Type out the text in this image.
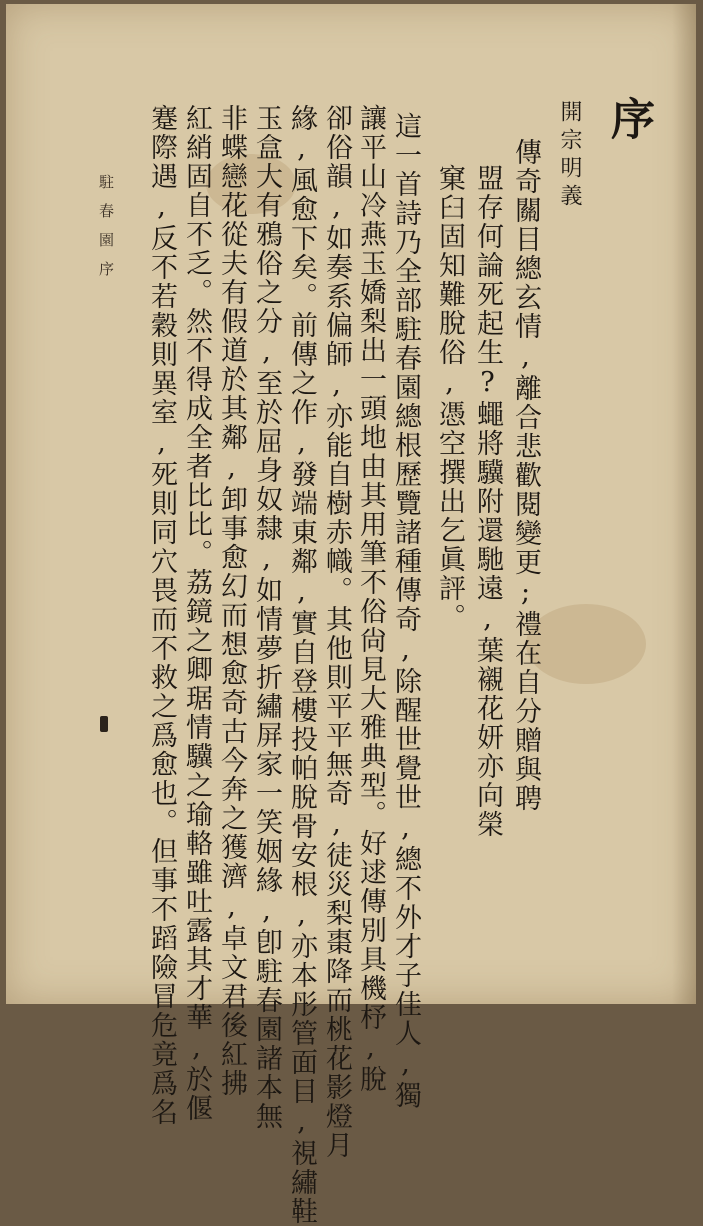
序
開宗明義
傳奇關目總玄情,離合悲歡閱變更;禮在自分贈與聘
盟存何論死起生?蠅將驥附還馳遠,葉襯花妍亦向榮
窠臼固知難脫俗,憑空撰出乞眞評。
這一首詩乃全部駐春園總根歷覽諸種傳奇,除醒世覺世,總不外才子佳人,獨
讓平山冷燕玉嬌梨出一頭地由其用筆不俗尙見大雅典型。好逑傳別具機杼,脫
卻俗韻,如奏系偏師,亦能自樹赤幟。其他則平平無奇,徒災梨棗降而桃花影燈月
緣,風愈下矣。前傳之作,發端東鄰,實自登樓投帕脫骨安根,亦本彤管面目,視繡鞋
玉盒大有鴉俗之分,至於屈身奴隸,如情夢折繡屏家一笑姻緣,卽駐春園諸本無
非蝶戀花從夫有假道於其鄰,卸事愈幻而想愈奇古今奔之獲濟,卓文君後紅拂
紅綃固自不乏。然不得成全者比比。荔鏡之卿琚情驥之瑜輅雖吐露其才華,於偃
蹇際遇,反不若穀則異室,死則同穴畏而不救之爲愈也。但事不蹈險冒危竟爲名
駐春園序
